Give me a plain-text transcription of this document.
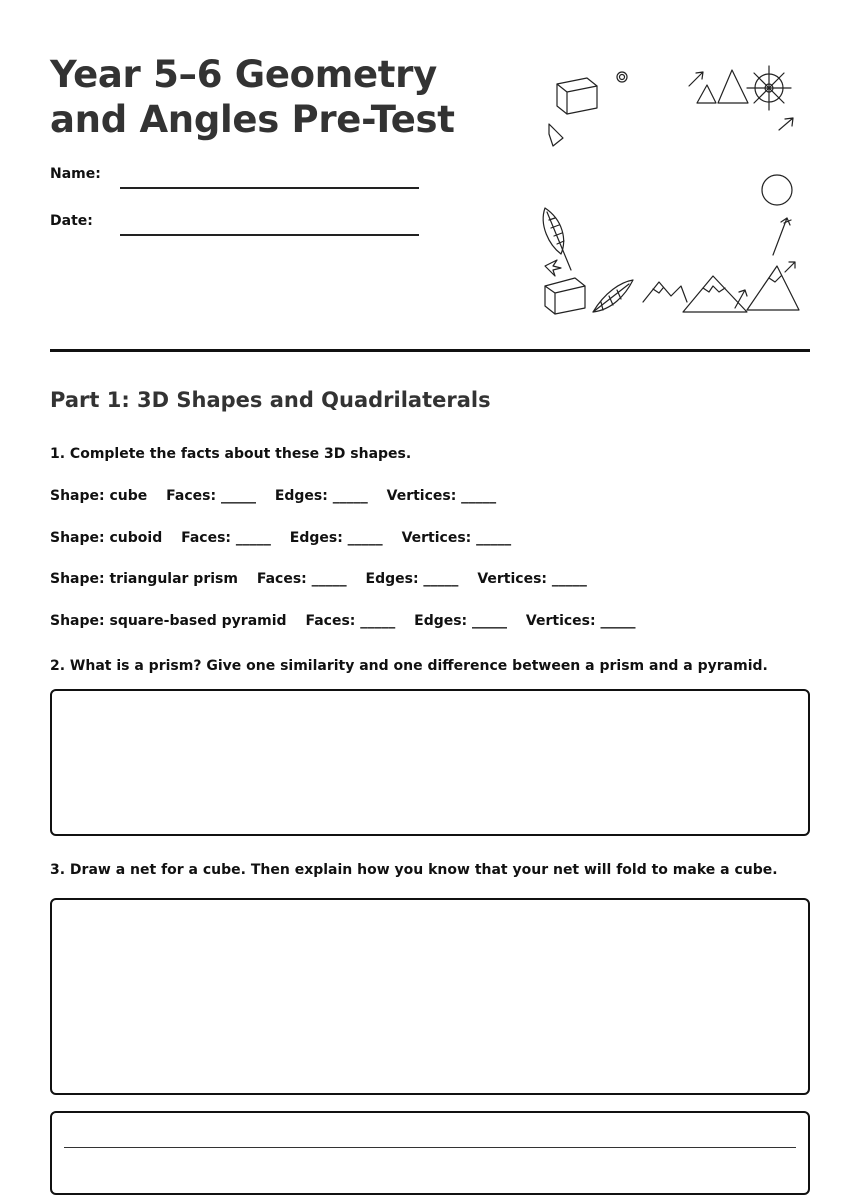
Year 5–6 Geometry and Angles Pre-Test
Name:
Date:
Part 1: 3D Shapes and Quadrilaterals
1. Complete the facts about these 3D shapes.
Shape: cube Faces: _____ Edges: _____ Vertices: _____
Shape: cuboid Faces: _____ Edges: _____ Vertices: _____
Shape: triangular prism Faces: _____ Edges: _____ Vertices: _____
Shape: square-based pyramid Faces: _____ Edges: _____ Vertices: _____
2. What is a prism? Give one similarity and one difference between a prism and a pyramid.
3. Draw a net for a cube. Then explain how you know that your net will fold to make a cube.
